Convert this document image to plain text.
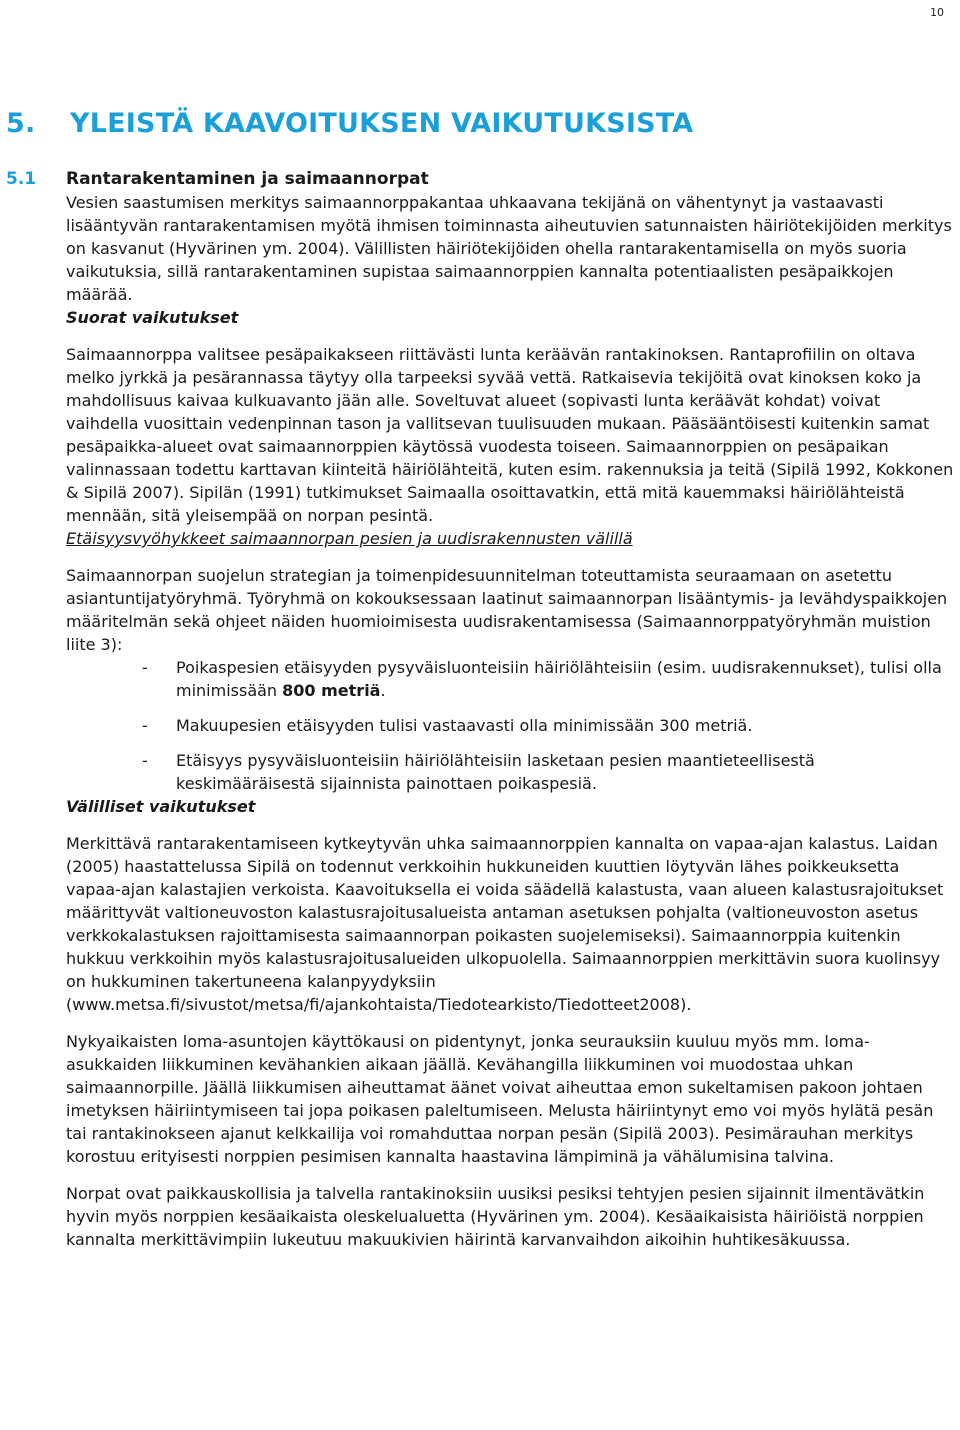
10
5. YLEISTÄ KAAVOITUKSEN VAIKUTUKSISTA
5.1 Rantarakentaminen ja saimaannorpat

Vesien saastumisen merkitys saimaannorppakantaa uhkaavana tekijänä on vähentynyt ja vastaavasti lisääntyvän rantarakentamisen myötä ihmisen toiminnasta aiheutuvien satunnaisten häiriötekijöiden merkitys on kasvanut (Hyvärinen ym. 2004). Välillisten häiriötekijöiden ohella rantarakentamisella on myös suoria vaikutuksia, sillä rantarakentaminen supistaa saimaannorppien kannalta potentiaalisten pesäpaikkojen määrää.

Suorat vaikutukset

Saimaannorppa valitsee pesäpaikakseen riittävästi lunta keräävän rantakinoksen. Rantaprofiilin on oltava melko jyrkkä ja pesärannassa täytyy olla tarpeeksi syvää vettä. Ratkaisevia tekijöitä ovat kinoksen koko ja mahdollisuus kaivaa kulkuavanto jään alle. Soveltuvat alueet (sopivasti lunta keräävät kohdat) voivat vaihdella vuosittain vedenpinnan tason ja vallitsevan tuulisuuden mukaan. Pääsääntöisesti kuitenkin samat pesäpaikka-alueet ovat saimaannorppien käytössä vuodesta toiseen. Saimaannorppien on pesäpaikan valinnassaan todettu karttavan kiinteitä häiriölähteitä, kuten esim. rakennuksia ja teitä (Sipilä 1992, Kokkonen & Sipilä 2007). Sipilän (1991) tutkimukset Saimaalla osoittavatkin, että mitä kauemmaksi häiriölähteistä mennään, sitä yleisempää on norpan pesintä.

Etäisyysvyöhykkeet saimaannorpan pesien ja uudisrakennusten välillä

Saimaannorpan suojelun strategian ja toimenpidesuunnitelman toteuttamista seuraamaan on asetettu asiantuntijatyöryhmä. Työryhmä on kokouksessaan laatinut saimaannorpan lisääntymis- ja levähdyspaikkojen määritelmän sekä ohjeet näiden huomioimisesta uudisrakentamisessa (Saimaannorppatyöryhmän muistion liite 3):

- Poikaspesien etäisyyden pysyväisluonteisiin häiriölähteisiin (esim. uudisrakennukset), tulisi olla minimissään 800 metriä.
- Makuupesien etäisyyden tulisi vastaavasti olla minimissään 300 metriä.
- Etäisyys pysyväisluonteisiin häiriölähteisiin lasketaan pesien maantieteellisestä keskimääräisestä sijainnista painottaen poikaspesiä.

Välilliset vaikutukset

Merkittävä rantarakentamiseen kytkeytyvän uhka saimaannorppien kannalta on vapaa-ajan kalastus. Laidan (2005) haastattelussa Sipilä on todennut verkkoihin hukkuneiden kuuttien löytyvän lähes poikkeuksetta vapaa-ajan kalastajien verkoista. Kaavoituksella ei voida säädellä kalastusta, vaan alueen kalastusrajoitukset määrittyvät valtioneuvoston kalastusrajoitusalueista antaman asetuksen pohjalta (valtioneuvoston asetus verkkokalastuksen rajoittamisesta saimaannorpan poikasten suojelemiseksi). Saimaannorppia kuitenkin hukkuu verkkoihin myös kalastusrajoitusalueiden ulkopuolella. Saimaannorppien merkittävin suora kuolinsyy on hukkuminen takertuneena kalanpyydyksiin

(www.metsa.fi/sivustot/metsa/fi/ajankohtaista/Tiedotearkisto/Tiedotteet2008).

Nykyaikaisten loma-asuntojen käyttökausi on pidentynyt, jonka seurauksiin kuuluu myös mm. loma-asukkaiden liikkuminen kevähankien aikaan jäällä. Kevähangilla liikkuminen voi muodostaa uhkan saimaannorpille. Jäällä liikkumisen aiheuttamat äänet voivat aiheuttaa emon sukeltamisen pakoon johtaen imetyksen häiriintymiseen tai jopa poikasen paleltumiseen. Melusta häiriintynyt emo voi myös hylätä pesän tai rantakinokseen ajanut kelkkailija voi romahduttaa norpan pesän (Sipilä 2003). Pesimärauhan merkitys korostuu erityisesti norppien pesimisen kannalta haastavina lämpiminä ja vähälumisina talvina.

Norpat ovat paikkauskollisia ja talvella rantakinoksiin uusiksi pesiksi tehtyjen pesien sijainnit ilmentävätkin hyvin myös norppien kesäaikaista oleskelualuetta (Hyvärinen ym. 2004). Kesäaikaisista häiriöistä norppien kannalta merkittävimpiin lukeutuu makuukivien häirintä karvanvaihdon aikoihin huhtikesäkuussa.
